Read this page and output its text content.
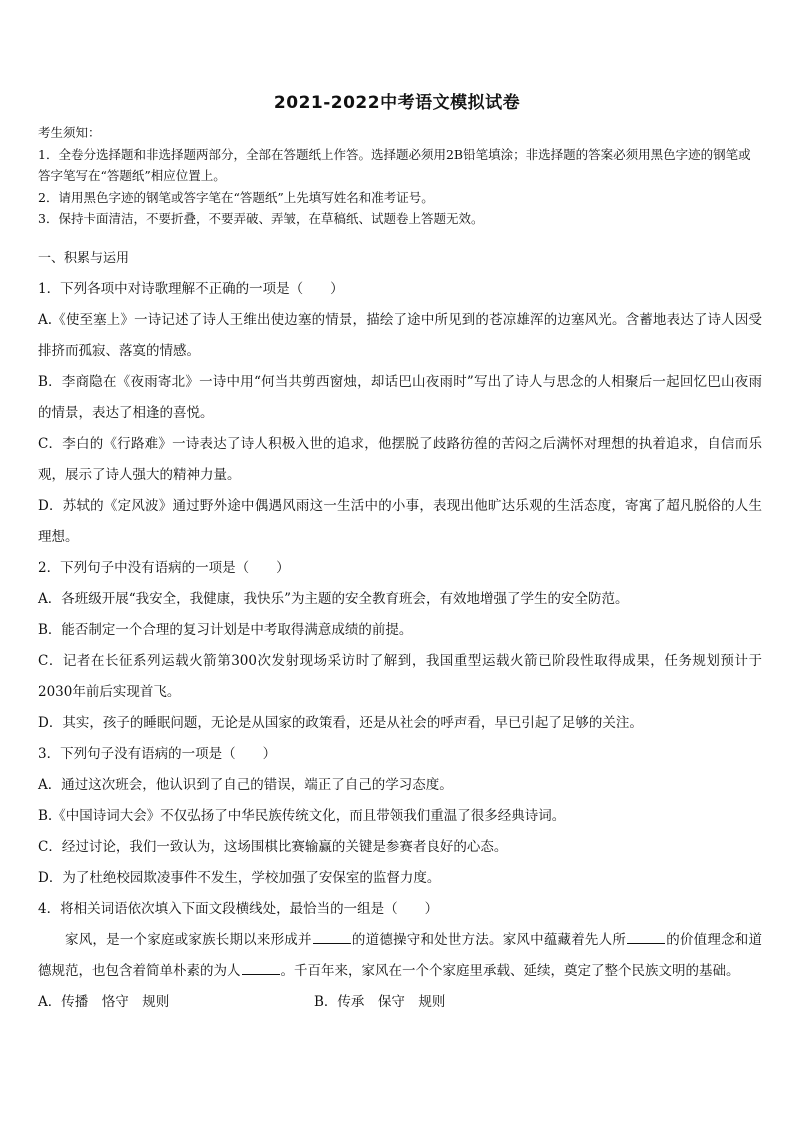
2021-2022中考语文模拟试卷
考生须知：
1．全卷分选择题和非选择题两部分，全部在答题纸上作答。选择题必须用2B铅笔填涂；非选择题的答案必须用黑色字迹的钢笔或答字笔写在“答题纸”相应位置上。
2．请用黑色字迹的钢笔或答字笔在“答题纸”上先填写姓名和准考证号。
3．保持卡面清洁，不要折叠，不要弄破、弄皱，在草稿纸、试题卷上答题无效。

一、积累与运用

1．下列各项中对诗歌理解不正确的一项是（　　）

A.《使至塞上》一诗记述了诗人王维出使边塞的情景，描绘了途中所见到的苍凉雄浑的边塞风光。含蓄地表达了诗人因受排挤而孤寂、落寞的情感。

B．李商隐在《夜雨寄北》一诗中用“何当共剪西窗烛，却话巴山夜雨时”写出了诗人与思念的人相聚后一起回忆巴山夜雨的情景，表达了相逢的喜悦。

C．李白的《行路难》一诗表达了诗人积极入世的追求，他摆脱了歧路彷徨的苦闷之后满怀对理想的执着追求，自信而乐观，展示了诗人强大的精神力量。

D．苏轼的《定风波》通过野外途中偶遇风雨这一生活中的小事，表现出他旷达乐观的生活态度，寄寓了超凡脱俗的人生理想。

2．下列句子中没有语病的一项是（　　）

A．各班级开展“我安全，我健康，我快乐”为主题的安全教育班会，有效地增强了学生的安全防范。

B．能否制定一个合理的复习计划是中考取得满意成绩的前提。

C．记者在长征系列运载火箭第300次发射现场采访时了解到，我国重型运载火箭已阶段性取得成果，任务规划预计于2030年前后实现首飞。

D．其实，孩子的睡眠问题，无论是从国家的政策看，还是从社会的呼声看，早已引起了足够的关注。

3．下列句子没有语病的一项是（　　）

A．通过这次班会，他认识到了自己的错误，端正了自己的学习态度。

B.《中国诗词大会》不仅弘扬了中华民族传统文化，而且带领我们重温了很多经典诗词。

C．经过讨论，我们一致认为，这场围棋比赛输赢的关键是参赛者良好的心态。

D．为了杜绝校园欺凌事件不发生，学校加强了安保室的监督力度。

4．将相关词语依次填入下面文段横线处，最恰当的一组是（　　）

家风，是一个家庭或家族长期以来形成并	的道德操守和处世方法。家风中蕴藏着先人所	的价值理念和道德规范，也包含着简单朴素的为人	。千百年来，家风在一个个家庭里承载、延续，奠定了整个民族文明的基础。

A．传播　恪守　规则	B．传承　保守　规则
